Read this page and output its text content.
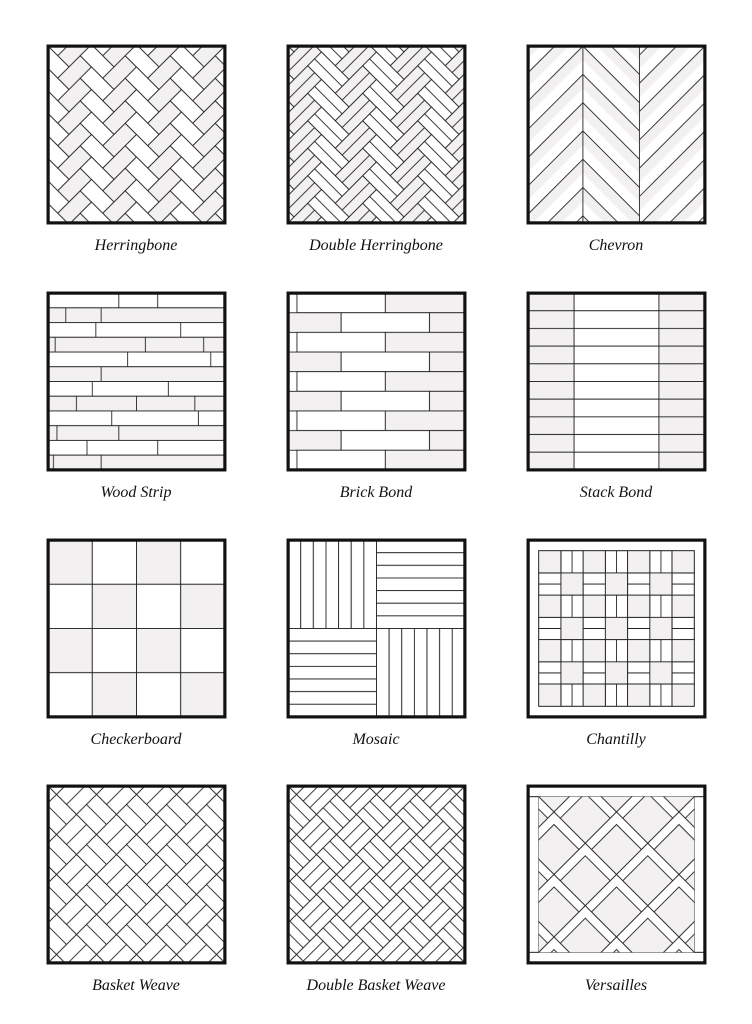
Herringbone	Double Herringbone	Chevron
Wood Strip	Brick Bond	Stack Bond
Checkerboard	Mosaic	Chantilly
Basket Weave	Double Basket Weave	Versailles
